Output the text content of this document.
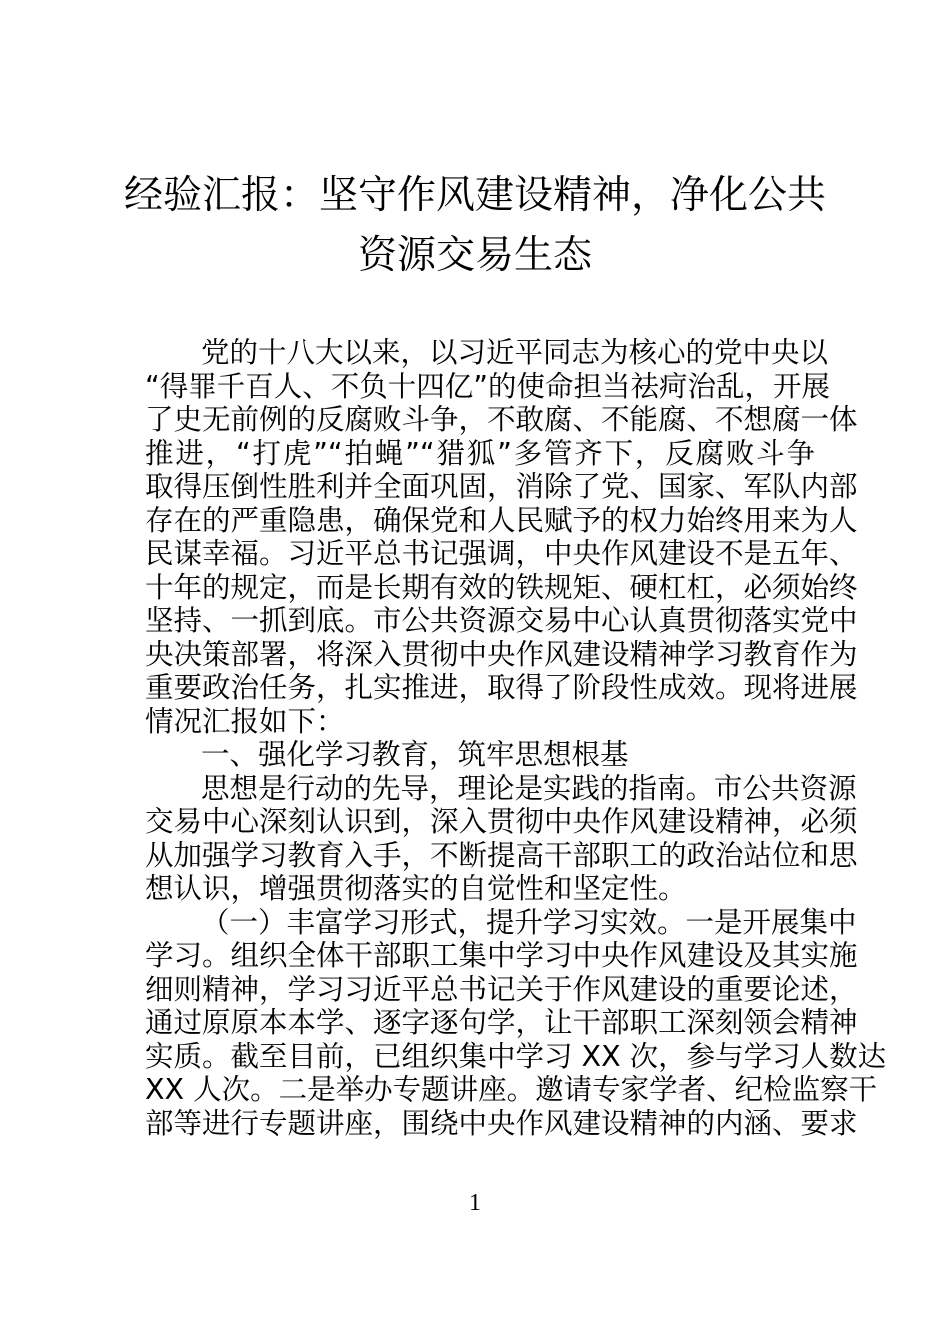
经验汇报：坚守作风建设精神，净化公共
资源交易生态
党的十八大以来，以习近平同志为核心的党中央以
“得罪千百人、不负十四亿”的使命担当祛疴治乱，开展
了史无前例的反腐败斗争，不敢腐、不能腐、不想腐一体
推进，“打虎”“拍蝇”“猎狐”多管齐下，反腐败斗争
取得压倒性胜利并全面巩固，消除了党、国家、军队内部
存在的严重隐患，确保党和人民赋予的权力始终用来为人
民谋幸福。习近平总书记强调，中央作风建设不是五年、
十年的规定，而是长期有效的铁规矩、硬杠杠，必须始终
坚持、一抓到底。市公共资源交易中心认真贯彻落实党中
央决策部署，将深入贯彻中央作风建设精神学习教育作为
重要政治任务，扎实推进，取得了阶段性成效。现将进展
情况汇报如下：
一、强化学习教育，筑牢思想根基
思想是行动的先导，理论是实践的指南。市公共资源
交易中心深刻认识到，深入贯彻中央作风建设精神，必须
从加强学习教育入手，不断提高干部职工的政治站位和思
想认识，增强贯彻落实的自觉性和坚定性。
（一）丰富学习形式，提升学习实效。一是开展集中
学习。组织全体干部职工集中学习中央作风建设及其实施
细则精神，学习习近平总书记关于作风建设的重要论述，
通过原原本本学、逐字逐句学，让干部职工深刻领会精神
实质。截至目前，已组织集中学习 XX 次，参与学习人数达
XX 人次。二是举办专题讲座。邀请专家学者、纪检监察干
部等进行专题讲座，围绕中央作风建设精神的内涵、要求
1
